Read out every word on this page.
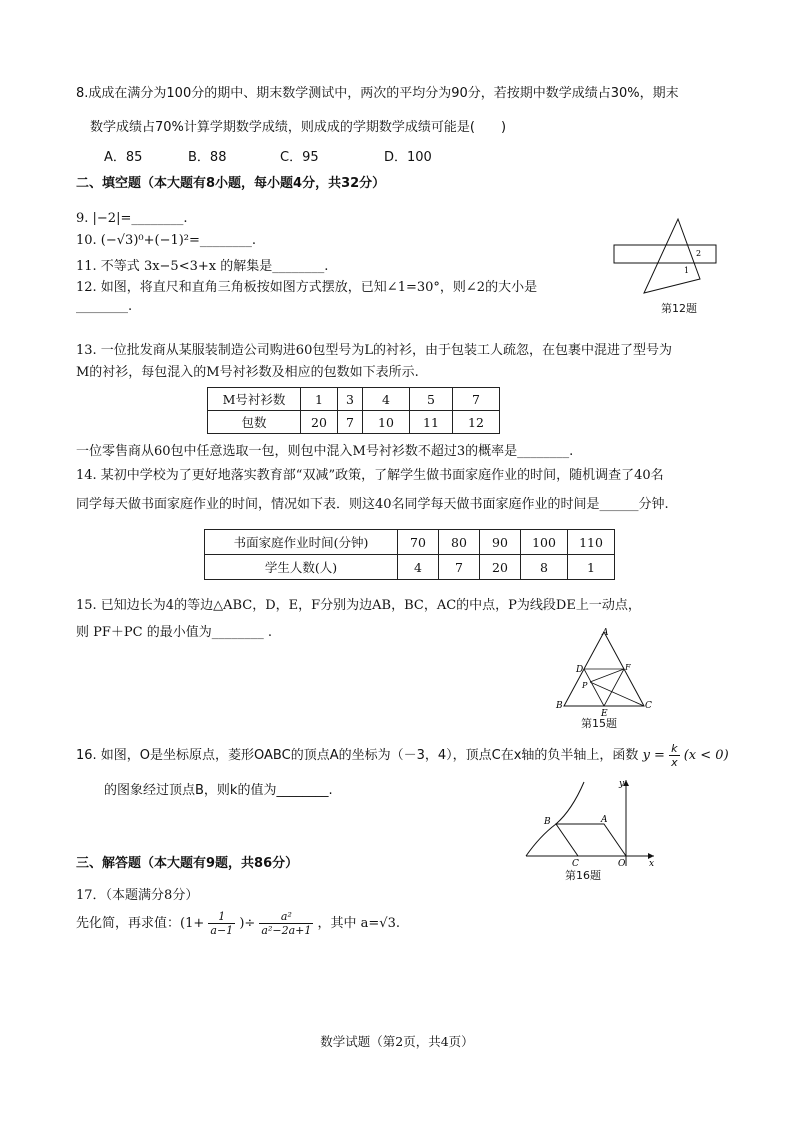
8.成成在满分为100分的期中、期末数学测试中，两次的平均分为90分，若按期中数学成绩占30%，期末
数学成绩占70%计算学期数学成绩，则成成的学期数学成绩可能是(　　)
A．85	B．88	C．95	D．100
二、填空题（本大题有8小题，每小题4分，共32分）
9. |−2|=________.
10. (−√3)⁰+(−1)²=________.
11. 不等式 3x−5<3+x 的解集是________.
12. 如图，将直尺和直角三角板按如图方式摆放，已知∠1=30°，则∠2的大小是
________.
2
1
第12题
13. 一位批发商从某服装制造公司购进60包型号为L的衬衫，由于包装工人疏忽，在包裹中混进了型号为
M的衬衫，每包混入的M号衬衫数及相应的包数如下表所示.
M号衬衫数	1	3	4	5	7
包数	20	7	10	11	12
一位零售商从60包中任意选取一包，则包中混入M号衬衫数不超过3的概率是________.
14. 某初中学校为了更好地落实教育部“双减”政策，了解学生做书面家庭作业的时间，随机调查了40名
同学每天做书面家庭作业的时间，情况如下表．则这40名同学每天做书面家庭作业的时间是______分钟.
书面家庭作业时间(分钟)	70	80	90	100	110
学生人数(人)	4	7	20	8	1
15. 已知边长为4的等边△ABC，D，E，F分别为边AB，BC，AC的中点，P为线段DE上一动点，
则 PF＋PC 的最小值为________ .	A
B	C
D
E
F
P
第15题
16. 如图，O是坐标原点，菱形OABC的顶点A的坐标为（－3，4），顶点C在x轴的负半轴上，函数 $y = \frac{k}{x} (x < 0)$
的图象经过顶点B，则k的值为________.
B	A
C	O	x
y
第16题
三、解答题（本大题有9题，共86分）
17．（本题满分8分）
先化简，再求值：($1+ \frac{1}{a-1}$ )÷ $\frac{\text{a²}}{\text{a²−2a+1}}$ ，其中 a=√3.
数学试题（第2页，共4页）
